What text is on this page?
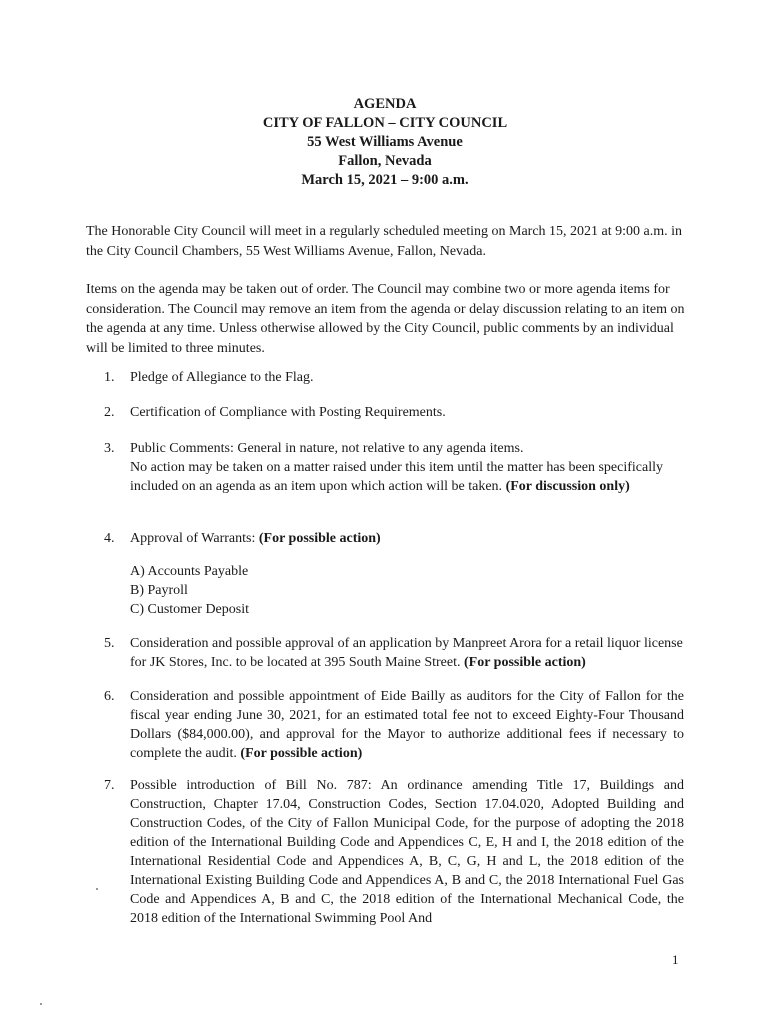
AGENDA
CITY OF FALLON – CITY COUNCIL
55 West Williams Avenue
Fallon, Nevada
March 15, 2021 – 9:00 a.m.
The Honorable City Council will meet in a regularly scheduled meeting on March 15, 2021 at 9:00 a.m. in the City Council Chambers, 55 West Williams Avenue, Fallon, Nevada.
Items on the agenda may be taken out of order. The Council may combine two or more agenda items for consideration. The Council may remove an item from the agenda or delay discussion relating to an item on the agenda at any time. Unless otherwise allowed by the City Council, public comments by an individual will be limited to three minutes.
1.	Pledge of Allegiance to the Flag.
2.	Certification of Compliance with Posting Requirements.
3.	Public Comments: General in nature, not relative to any agenda items.
No action may be taken on a matter raised under this item until the matter has been specifically included on an agenda as an item upon which action will be taken. (For discussion only)
4.	Approval of Warrants: (For possible action)
A) Accounts Payable
B) Payroll
C) Customer Deposit
5.	Consideration and possible approval of an application by Manpreet Arora for a retail liquor license for JK Stores, Inc. to be located at 395 South Maine Street. (For possible action)
6.	Consideration and possible appointment of Eide Bailly as auditors for the City of Fallon for the fiscal year ending June 30, 2021, for an estimated total fee not to exceed Eighty-Four Thousand Dollars ($84,000.00), and approval for the Mayor to authorize additional fees if necessary to complete the audit. (For possible action)
7.	Possible introduction of Bill No. 787: An ordinance amending Title 17, Buildings and Construction, Chapter 17.04, Construction Codes, Section 17.04.020, Adopted Building and Construction Codes, of the City of Fallon Municipal Code, for the purpose of adopting the 2018 edition of the International Building Code and Appendices C, E, H and I, the 2018 edition of the International Residential Code and Appendices A, B, C, G, H and L, the 2018 edition of the International Existing Building Code and Appendices A, B and C, the 2018 International Fuel Gas Code and Appendices A, B and C, the 2018 edition of the International Mechanical Code, the 2018 edition of the International Swimming Pool And
1
